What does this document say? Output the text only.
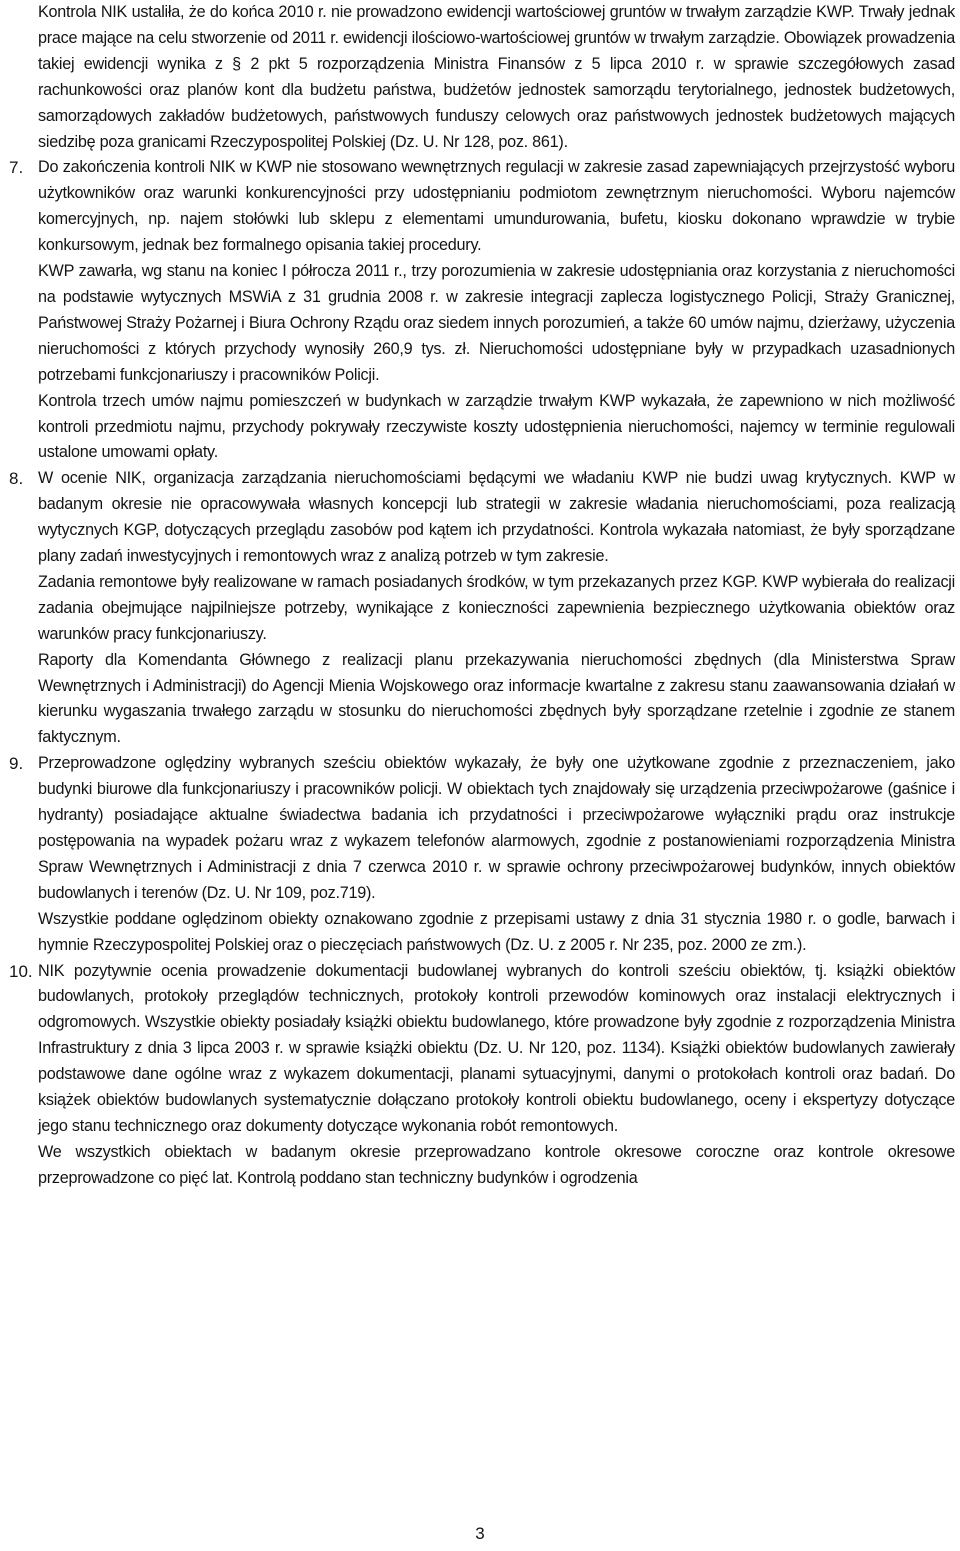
Kontrola NIK ustaliła, że do końca 2010 r. nie prowadzono ewidencji wartościowej gruntów w trwałym zarządzie KWP. Trwały jednak prace mające na celu stworzenie od 2011 r. ewidencji ilościowo-wartościowej gruntów w trwałym zarządzie. Obowiązek prowadzenia takiej ewidencji wynika z § 2 pkt 5 rozporządzenia Ministra Finansów z 5 lipca 2010 r. w sprawie szczegółowych zasad rachunkowości oraz planów kont dla budżetu państwa, budżetów jednostek samorządu terytorialnego, jednostek budżetowych, samorządowych zakładów budżetowych, państwowych funduszy celowych oraz państwowych jednostek budżetowych mających siedzibę poza granicami Rzeczypospolitej Polskiej (Dz. U. Nr 128, poz. 861).

7. Do zakończenia kontroli NIK w KWP nie stosowano wewnętrznych regulacji w zakresie zasad zapewniających przejrzystość wyboru użytkowników oraz warunki konkurencyjności przy udostępnianiu podmiotom zewnętrznym nieruchomości. Wyboru najemców komercyjnych, np. najem stołówki lub sklepu z elementami umundurowania, bufetu, kiosku dokonano wprawdzie w trybie konkursowym, jednak bez formalnego opisania takiej procedury.

KWP zawarła, wg stanu na koniec I półrocza 2011 r., trzy porozumienia w zakresie udostępniania oraz korzystania z nieruchomości na podstawie wytycznych MSWiA z 31 grudnia 2008 r. w zakresie integracji zaplecza logistycznego Policji, Straży Granicznej, Państwowej Straży Pożarnej i Biura Ochrony Rządu oraz siedem innych porozumień, a także 60 umów najmu, dzierżawy, użyczenia nieruchomości z których przychody wynosiły 260,9 tys. zł. Nieruchomości udostępniane były w przypadkach uzasadnionych potrzebami funkcjonariuszy i pracowników Policji.

Kontrola trzech umów najmu pomieszczeń w budynkach w zarządzie trwałym KWP wykazała, że zapewniono w nich możliwość kontroli przedmiotu najmu, przychody pokrywały rzeczywiste koszty udostępnienia nieruchomości, najemcy w terminie regulowali ustalone umowami opłaty.

8. W ocenie NIK, organizacja zarządzania nieruchomościami będącymi we władaniu KWP nie budzi uwag krytycznych. KWP w badanym okresie nie opracowywała własnych koncepcji lub strategii w zakresie władania nieruchomościami, poza realizacją wytycznych KGP, dotyczących przeglądu zasobów pod kątem ich przydatności. Kontrola wykazała natomiast, że były sporządzane plany zadań inwestycyjnych i remontowych wraz z analizą potrzeb w tym zakresie.

Zadania remontowe były realizowane w ramach posiadanych środków, w tym przekazanych przez KGP. KWP wybierała do realizacji zadania obejmujące najpilniejsze potrzeby, wynikające z konieczności zapewnienia bezpiecznego użytkowania obiektów oraz warunków pracy funkcjonariuszy.

Raporty dla Komendanta Głównego z realizacji planu przekazywania nieruchomości zbędnych (dla Ministerstwa Spraw Wewnętrznych i Administracji) do Agencji Mienia Wojskowego oraz informacje kwartalne z zakresu stanu zaawansowania działań w kierunku wygaszania trwałego zarządu w stosunku do nieruchomości zbędnych były sporządzane rzetelnie i zgodnie ze stanem faktycznym.

9. Przeprowadzone oględziny wybranych sześciu obiektów wykazały, że były one użytkowane zgodnie z przeznaczeniem, jako budynki biurowe dla funkcjonariuszy i pracowników policji. W obiektach tych znajdowały się urządzenia przeciwpożarowe (gaśnice i hydranty) posiadające aktualne świadectwa badania ich przydatności i przeciwpożarowe wyłączniki prądu oraz instrukcje postępowania na wypadek pożaru wraz z wykazem telefonów alarmowych, zgodnie z postanowieniami rozporządzenia Ministra Spraw Wewnętrznych i Administracji z dnia 7 czerwca 2010 r. w sprawie ochrony przeciwpożarowej budynków, innych obiektów budowlanych i terenów (Dz. U. Nr 109, poz.719).

Wszystkie poddane oględzinom obiekty oznakowano zgodnie z przepisami ustawy z dnia 31 stycznia 1980 r. o godle, barwach i hymnie Rzeczypospolitej Polskiej oraz o pieczęciach państwowych (Dz. U. z 2005 r. Nr 235, poz. 2000 ze zm.).

10. NIK pozytywnie ocenia prowadzenie dokumentacji budowlanej wybranych do kontroli sześciu obiektów, tj. książki obiektów budowlanych, protokoły przeglądów technicznych, protokoły kontroli przewodów kominowych oraz instalacji elektrycznych i odgromowych. Wszystkie obiekty posiadały książki obiektu budowlanego, które prowadzone były zgodnie z rozporządzenia Ministra Infrastruktury z dnia 3 lipca 2003 r. w sprawie książki obiektu (Dz. U. Nr 120, poz. 1134). Książki obiektów budowlanych zawierały podstawowe dane ogólne wraz z wykazem dokumentacji, planami sytuacyjnymi, danymi o protokołach kontroli oraz badań. Do książek obiektów budowlanych systematycznie dołączano protokoły kontroli obiektu budowlanego, oceny i ekspertyzy dotyczące jego stanu technicznego oraz dokumenty dotyczące wykonania robót remontowych.

We wszystkich obiektach w badanym okresie przeprowadzano kontrole okresowe coroczne oraz kontrole okresowe przeprowadzone co pięć lat. Kontrolą poddano stan techniczny budynków i ogrodzenia

3
